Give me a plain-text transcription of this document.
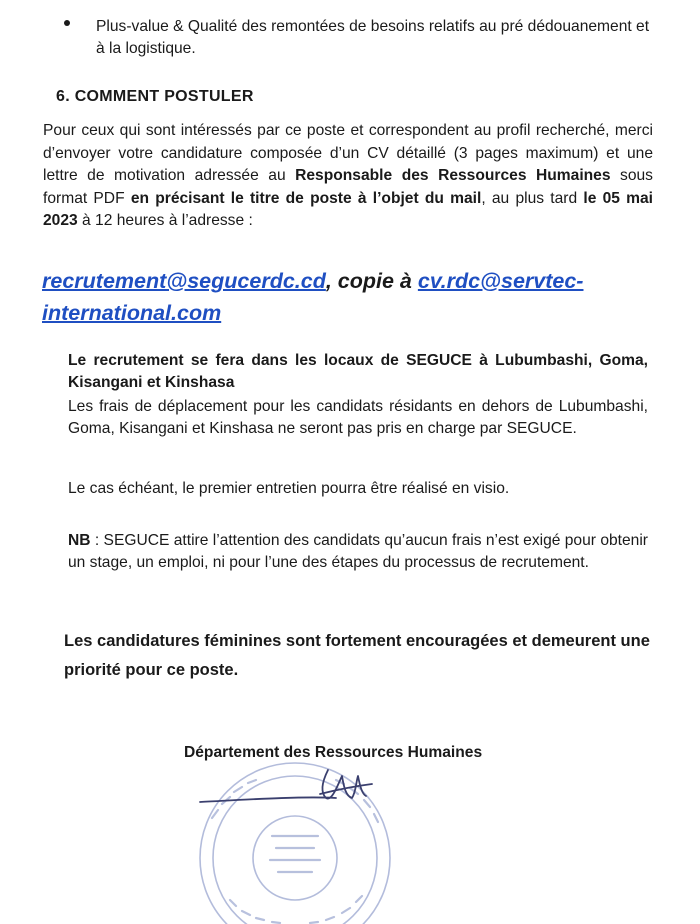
Plus-value & Qualité des remontées de besoins relatifs au pré dédouanement et à la logistique.
6. COMMENT POSTULER
Pour ceux qui sont intéressés par ce poste et correspondent au profil recherché, merci d’envoyer votre candidature composée d’un CV détaillé (3 pages maximum) et une lettre de motivation adressée au Responsable des Ressources Humaines sous format PDF en précisant le titre de poste à l’objet du mail, au plus tard le 05 mai 2023 à 12 heures à l’adresse :
recrutement@segucerdc.cd, copie à cv.rdc@servtec-international.com
Le recrutement se fera dans les locaux de SEGUCE à Lubumbashi, Goma, Kisangani et Kinshasa
Les frais de déplacement pour les candidats résidants en dehors de Lubumbashi, Goma, Kisangani et Kinshasa ne seront pas pris en charge par SEGUCE.
Le cas échéant, le premier entretien pourra être réalisé en visio.
NB : SEGUCE attire l’attention des candidats qu’aucun frais n’est exigé pour obtenir un stage, un emploi, ni pour l’une des étapes du processus de recrutement.
Les candidatures féminines sont fortement encouragées et demeurent une priorité pour ce poste.
Département des Ressources Humaines
